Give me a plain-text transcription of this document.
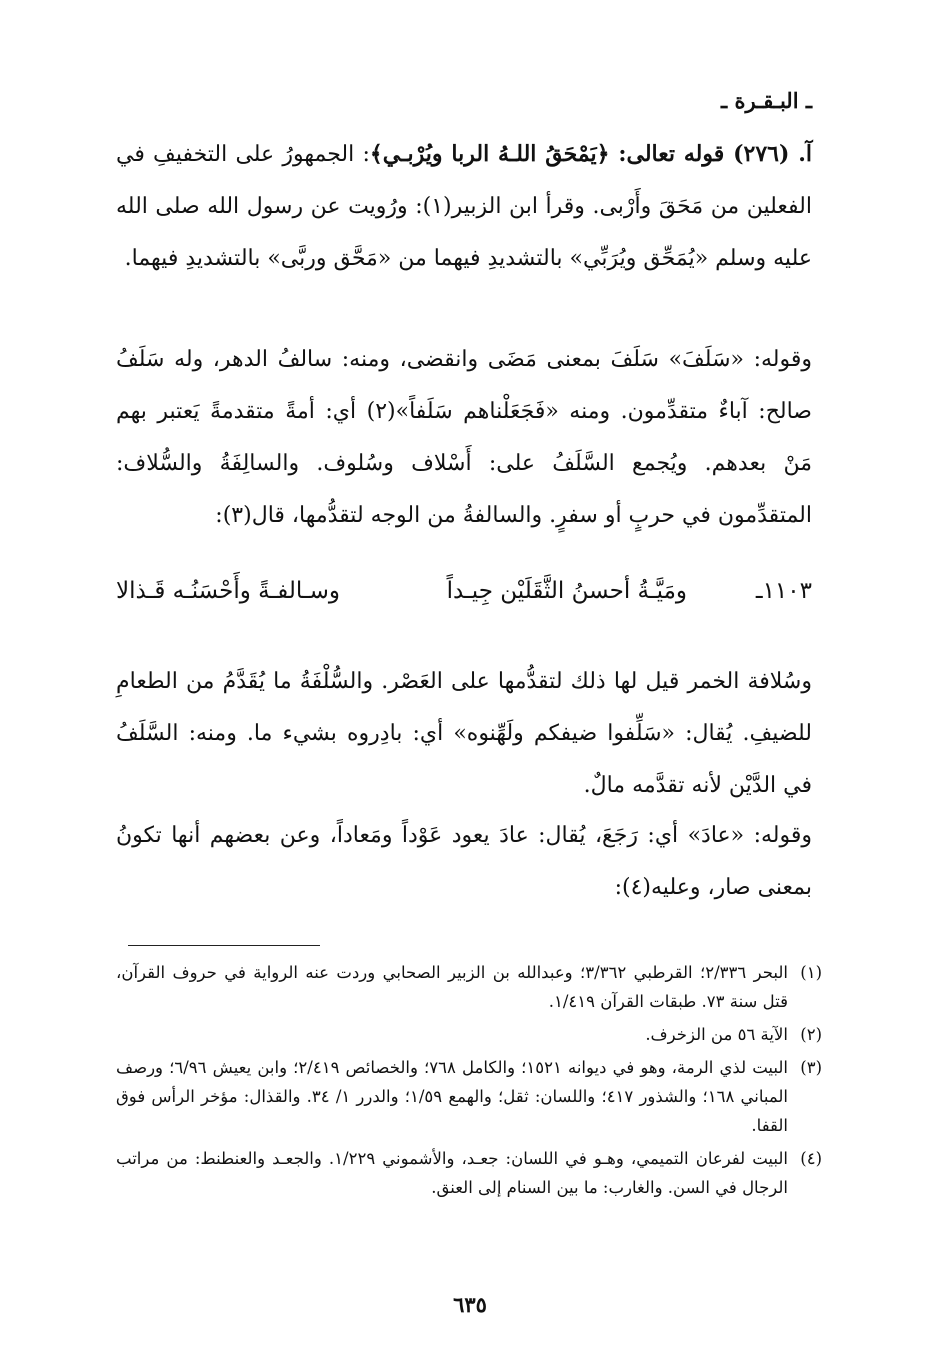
ـ البـقـرة ـ
آ. (٢٧٦) قوله تعالى: ﴿يَمْحَقُ اللـهُ الربا ويُرْبـي﴾: الجمهورُ على التخفيفِ في الفعلين من مَحَقَ وأَرْبى. وقرأ ابن الزبير(١): ورُويت عن رسول الله صلى الله عليه وسلم «يُمَحِّق ويُرَبِّي» بالتشديدِ فيهما من «مَحَّق وربَّى» بالتشديدِ فيهما.
وقوله: «سَلَفَ» سَلَفَ بمعنى مَضَى وانقضى، ومنه: سالفُ الدهر، وله سَلَفُ صالح: آباءٌ متقدِّمون. ومنه «فَجَعَلْناهم سَلَفاً»(٢) أي: أمةً متقدمةً يَعتبر بهم مَنْ بعدهم. ويُجمع السَّلَفُ على: أَسْلاف وسُلوف. والسالِفَةُ والسُّلاف: المتقدِّمون في حربٍ أو سفرٍ. والسالفةُ من الوجه لتقدُّمها، قال(٣):
١١٠٣ـ
ومَيَّـةُ أحسنُ الثَّقَلَيْن جِيـداً
وسـالفـةً وأَحْسَنُـه قَـذالا
وسُلافة الخمر قيل لها ذلك لتقدُّمها على العَصْر. والسُّلْفَةُ ما يُقَدَّمُ من الطعامِ للضيفِ. يُقال: «سَلِّفوا ضيفكم ولَهِّنوه» أي: بادِروه بشيء ما. ومنه: السَّلَفُ في الدَّيْن لأنه تقدَّمه مالٌ.
وقوله: «عادَ» أي: رَجَعَ، يُقال: عادَ يعود عَوْداً ومَعاداً، وعن بعضهم أنها تكونُ بمعنى صار، وعليه(٤):
(١)
البحر ٢/٣٣٦؛ القرطبي ٣/٣٦٢؛ وعبدالله بن الزبير الصحابي وردت عنه الرواية في حروف القرآن، قتل سنة ٧٣. طبقات القرآن ١/٤١٩.
(٢)
الآية ٥٦ من الزخرف.
(٣)
البيت لذي الرمة، وهو في ديوانه ١٥٢١؛ والكامل ٧٦٨؛ والخصائص ٢/٤١٩؛ وابن يعيش ٦/٩٦؛ ورصف المباني ١٦٨؛ والشذور ٤١٧؛ واللسان: ثقل؛ والهمع ١/٥٩؛ والدرر ١/ ٣٤. والقذال: مؤخر الرأس فوق القفا.
(٤)
البيت لفرعان التميمي، وهـو في اللسان: جعـد، والأشموني ١/٢٢٩. والجعـد والعنطنط: من مراتب الرجال في السن. والغارب: ما بين السنام إلى العنق.
٦٣٥
